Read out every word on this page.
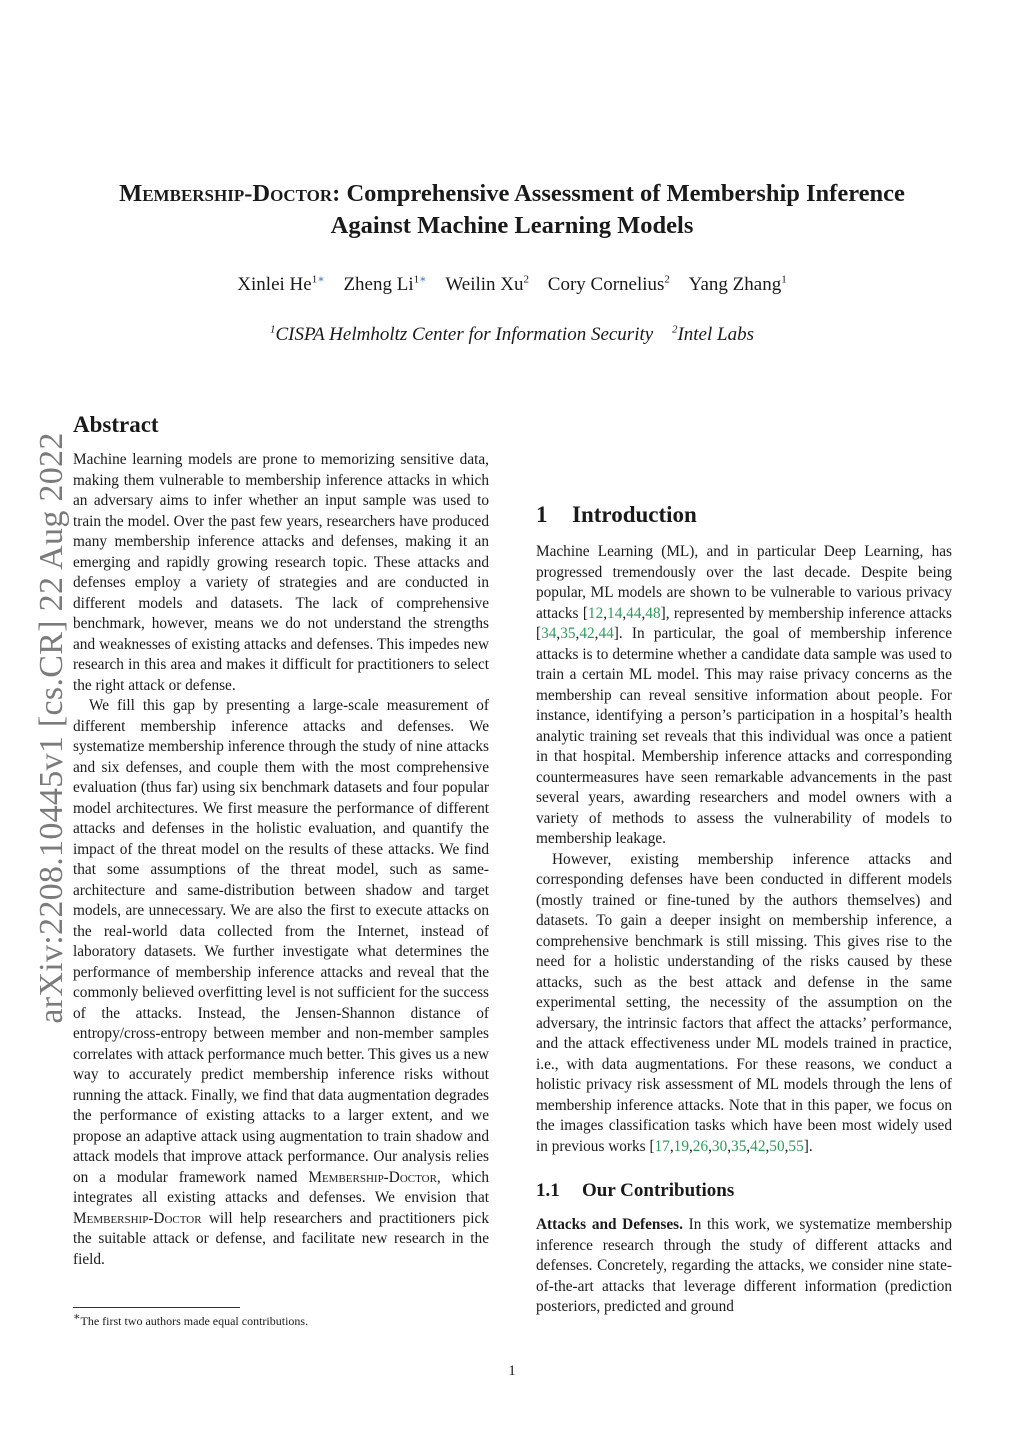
arXiv:2208.10445v1 [cs.CR] 22 Aug 2022
Membership-Doctor: Comprehensive Assessment of Membership Inference
Against Machine Learning Models
Xinlei $He^{1∗}$ Zheng $Li^{1∗}$ Weilin Xu$^2$ Cory Cornelius$^2$ Yang Zhang$^1$
$^1$CISPA Helmholtz Center for Information Security $^2$Intel Labs
Abstract

Machine learning models are prone to memorizing sensitive data, making them vulnerable to membership inference attacks in which an adversary aims to infer whether an input sample was used to train the model. Over the past few years, researchers have produced many membership inference attacks and defenses, making it an emerging and rapidly growing research topic. These attacks and defenses employ a variety of strategies and are conducted in different models and datasets. The lack of comprehensive benchmark, however, means we do not understand the strengths and weaknesses of existing attacks and defenses. This impedes new research in this area and makes it difficult for practitioners to select the right attack or defense.

We fill this gap by presenting a large-scale measurement of different membership inference attacks and defenses. We systematize membership inference through the study of nine attacks and six defenses, and couple them with the most comprehensive evaluation (thus far) using six benchmark datasets and four popular model architectures. We first measure the performance of different attacks and defenses in the holistic evaluation, and quantify the impact of the threat model on the results of these attacks. We find that some assumptions of the threat model, such as same-architecture and same-distribution between shadow and target models, are unnecessary. We are also the first to execute attacks on the real-world data collected from the Internet, instead of laboratory datasets. We further investigate what determines the performance of membership inference attacks and reveal that the commonly believed overfitting level is not sufficient for the success of the attacks. Instead, the Jensen-Shannon distance of entropy/cross-entropy between member and non-member samples correlates with attack performance much better. This gives us a new way to accurately predict membership inference risks without running the attack. Finally, we find that data augmentation degrades the performance of existing attacks to a larger extent, and we propose an adaptive attack using augmentation to train shadow and attack models that improve attack performance. Our analysis relies on a modular framework named Membership-Doctor, which integrates all existing attacks and defenses. We envision that Membership-Doctor will help researchers and practitioners pick the suitable attack or defense, and facilitate new research in the field.

∗The first two authors made equal contributions.
1 Introduction

Machine Learning (ML), and in particular Deep Learning, has progressed tremendously over the last decade. Despite being popular, ML models are shown to be vulnerable to various privacy attacks [12,14,44,48], represented by membership inference attacks [34,35,42,44]. In particular, the goal of membership inference attacks is to determine whether a candidate data sample was used to train a certain ML model. This may raise privacy concerns as the membership can reveal sensitive information about people. For instance, identifying a person’s participation in a hospital’s health analytic training set reveals that this individual was once a patient in that hospital. Membership inference attacks and corresponding countermeasures have seen remarkable advancements in the past several years, awarding researchers and model owners with a variety of methods to assess the vulnerability of models to membership leakage.

However, existing membership inference attacks and corresponding defenses have been conducted in different models (mostly trained or fine-tuned by the authors themselves) and datasets. To gain a deeper insight on membership inference, a comprehensive benchmark is still missing. This gives rise to the need for a holistic understanding of the risks caused by these attacks, such as the best attack and defense in the same experimental setting, the necessity of the assumption on the adversary, the intrinsic factors that affect the attacks’ performance, and the attack effectiveness under ML models trained in practice, i.e., with data augmentations. For these reasons, we conduct a holistic privacy risk assessment of ML models through the lens of membership inference attacks. Note that in this paper, we focus on the images classification tasks which have been most widely used in previous works [17,19,26,30,35,42,50,55].

1.1 Our Contributions

Attacks and Defenses. In this work, we systematize membership inference research through the study of different attacks and defenses. Concretely, regarding the attacks, we consider nine state-of-the-art attacks that leverage different information (prediction posteriors, predicted and ground

1
